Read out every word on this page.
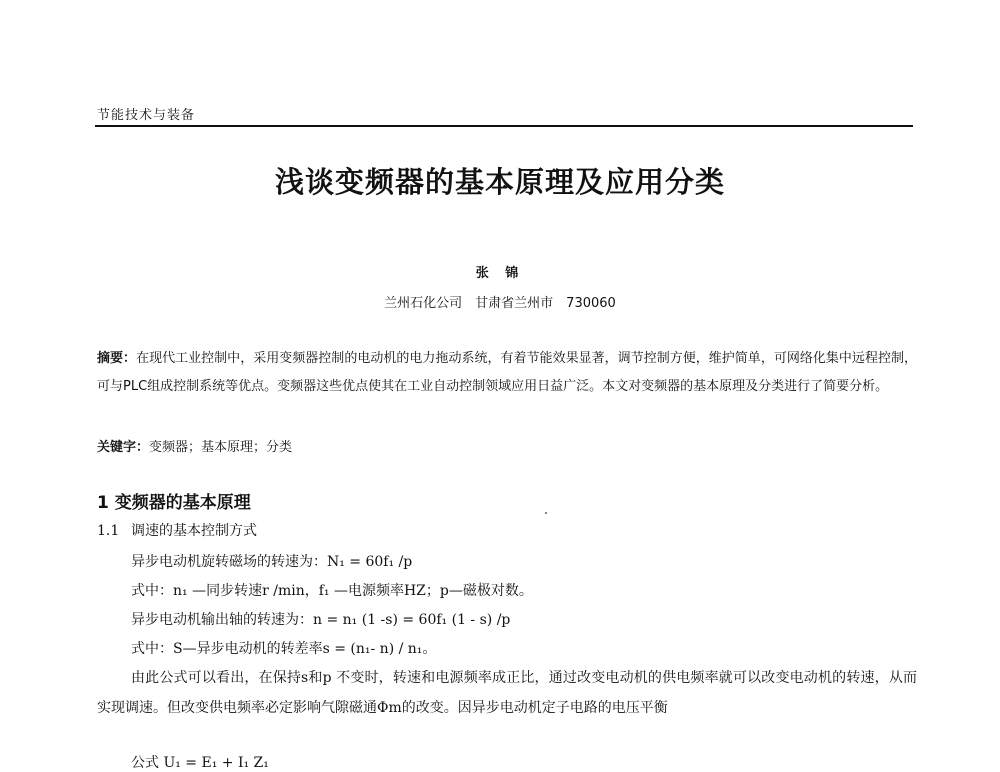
节能技术与装备
浅谈变频器的基本原理及应用分类
张 锦
兰州石化公司　甘肃省兰州市　730060
摘要：在现代工业控制中，采用变频器控制的电动机的电力拖动系统，有着节能效果显著，调节控制方便，维护简单，可网络化集中远程控制，可与PLC组成控制系统等优点。变频器这些优点使其在工业自动控制领域应用日益广泛。本文对变频器的基本原理及分类进行了简要分析。
关键字：变频器；基本原理；分类
1 变频器的基本原理
1.1 调速的基本控制方式
异步电动机旋转磁场的转速为：N₁ = 60f₁ /p
式中：n₁ —同步转速r /min，f₁ —电源频率HZ；p—磁极对数。
异步电动机输出轴的转速为：n = n₁ (1 -s) = 60f₁ (1 - s) /p
式中：S—异步电动机的转差率s = (n₁- n) / n₁。
由此公式可以看出，在保持s和p 不变时，转速和电源频率成正比，通过改变电动机的供电频率就可以改变电动机的转速，从而实现调速。但改变供电频率必定影响气隙磁通Φm的改变。因异步电动机定子电路的电压平衡
公式 U₁ = E₁ + I₁ Z₁
